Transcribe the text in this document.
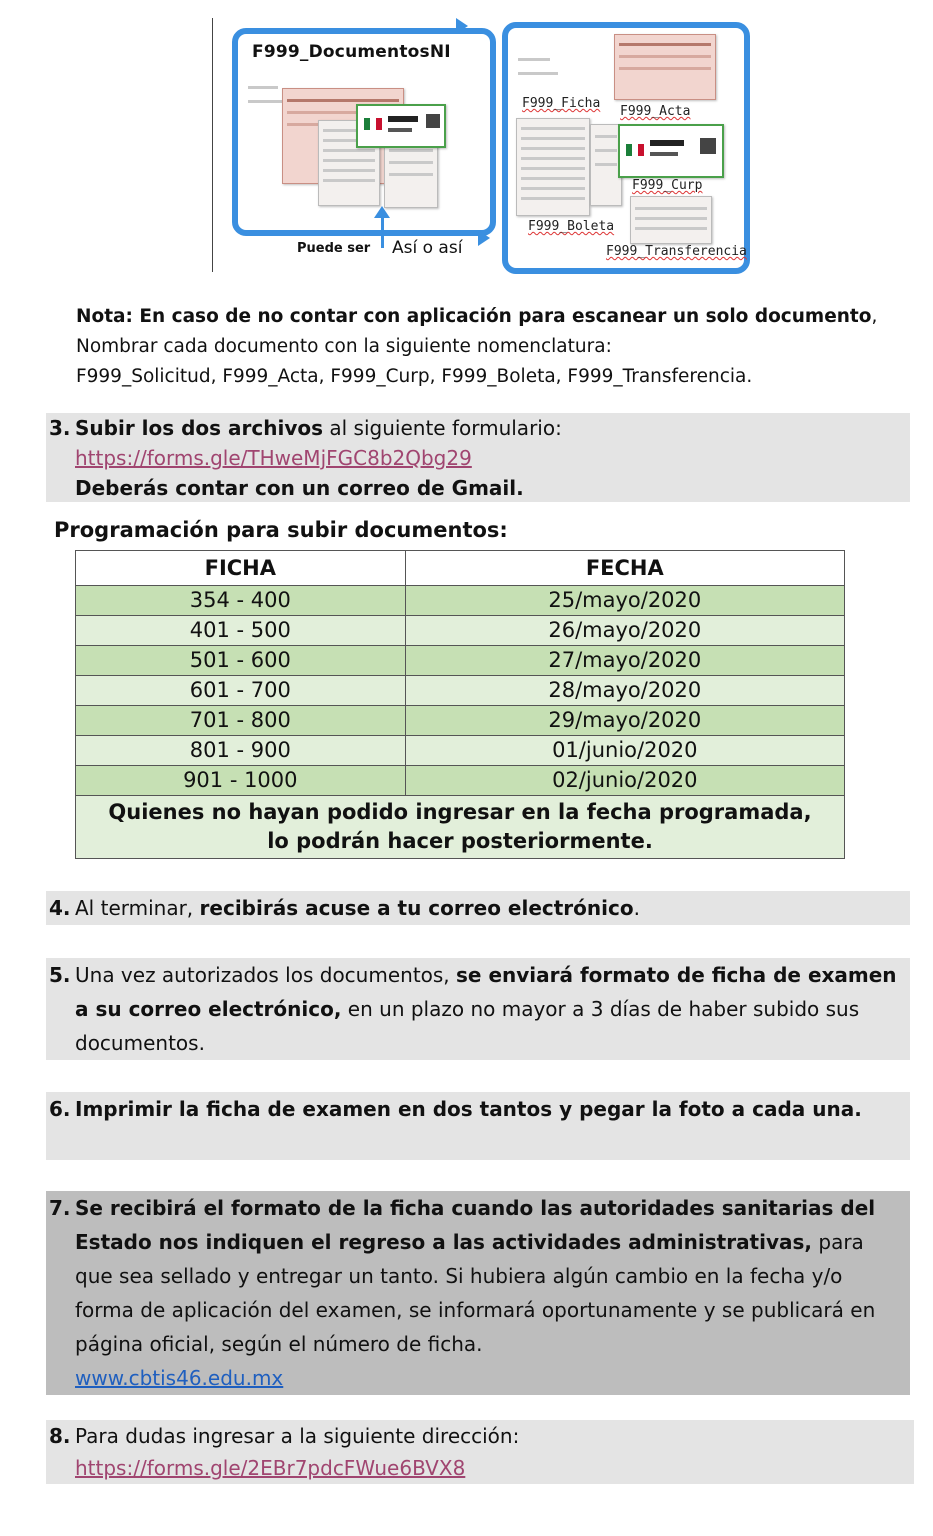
F999_DocumentosNI
Puede ser Así o así
F999_Ficha
F999_Acta
F999_Curp
F999_Boleta
F999_Transferencia
Nota: En caso de no contar con aplicación para escanear un solo documento,
Nombrar cada documento con la siguiente nomenclatura:
F999_Solicitud, F999_Acta, F999_Curp, F999_Boleta, F999_Transferencia.
3. Subir los dos archivos al siguiente formulario:
https://forms.gle/THweMjFGC8b2Qbg29
Deberás contar con un correo de Gmail.
Programación para subir documentos:
FICHA	FECHA
354 - 400	25/mayo/2020
401 - 500	26/mayo/2020
501 - 600	27/mayo/2020
601 - 700	28/mayo/2020
701 - 800	29/mayo/2020
801 - 900	01/junio/2020
901 - 1000	02/junio/2020

Quienes no hayan podido ingresar en la fecha programada,
lo podrán hacer posteriormente.	
4. Al terminar, recibirás acuse a tu correo electrónico.
5. Una vez autorizados los documentos, se enviará formato de ficha de examen a su correo electrónico, en un plazo no mayor a 3 días de haber subido sus documentos.
6. Imprimir la ficha de examen en dos tantos y pegar la foto a cada una.
7. Se recibirá el formato de la ficha cuando las autoridades sanitarias del Estado nos indiquen el regreso a las actividades administrativas, para que sea sellado y entregar un tanto. Si hubiera algún cambio en la fecha y/o forma de aplicación del examen, se informará oportunamente y se publicará en página oficial, según el número de ficha.
www.cbtis46.edu.mx
8. Para dudas ingresar a la siguiente dirección:
https://forms.gle/2EBr7pdcFWue6BVX8
